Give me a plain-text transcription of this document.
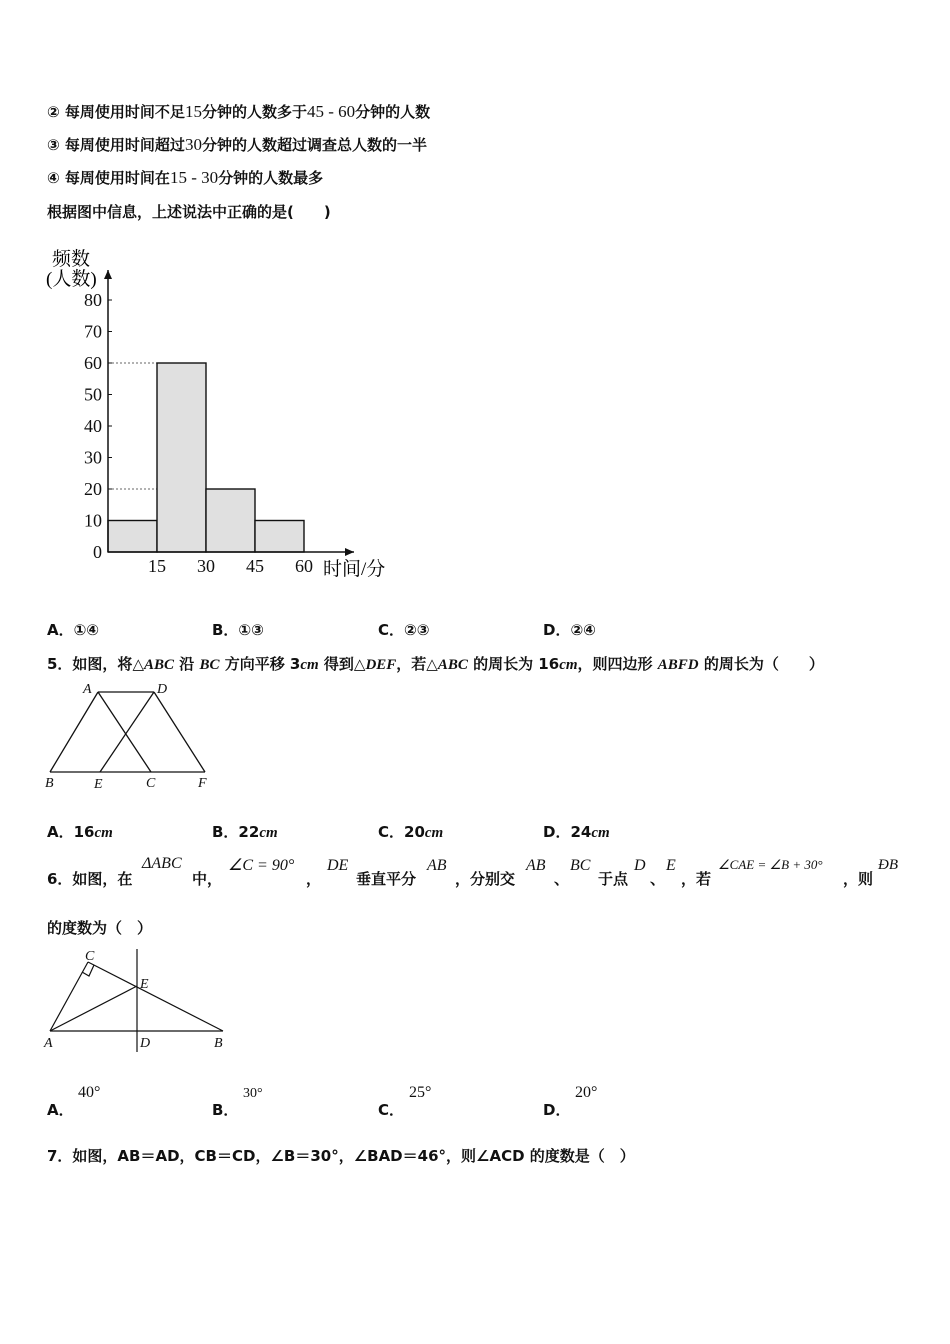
② 每周使用时间不足15分钟的人数多于45 - 60分钟的人数
③ 每周使用时间超过30分钟的人数超过调查总人数的一半
④ 每周使用时间在15 - 30分钟的人数最多
根据图中信息，上述说法中正确的是(　　)
0
10
20
30
40
50
60
70
80
15 30 45 60
频数
(人数)
时间/分
A．①④	B．①③	C．②③	D．②④
5．如图，将△ABC 沿 BC 方向平移 3cm 得到△DEF，若△ABC 的周长为 16cm，则四边形 ABFD 的周长为（　　）
A	D
B	E	C	F
A．16cm	B．22cm	C．20cm	D．24cm
6．如图，在
ΔABC
中，
∠C = 90°
，
DE
垂直平分
AB
，分别交
AB
、
BC
于点
D
、
E
，若
∠CAE = ∠B + 30°
，则
ÐB
的度数为（　）
C
E
A	D	B
A．
40°
B．
30°
C．
25°
D．
20°
7．如图，AB＝AD，CB＝CD，∠B＝30°，∠BAD＝46°，则∠ACD 的度数是（　）
